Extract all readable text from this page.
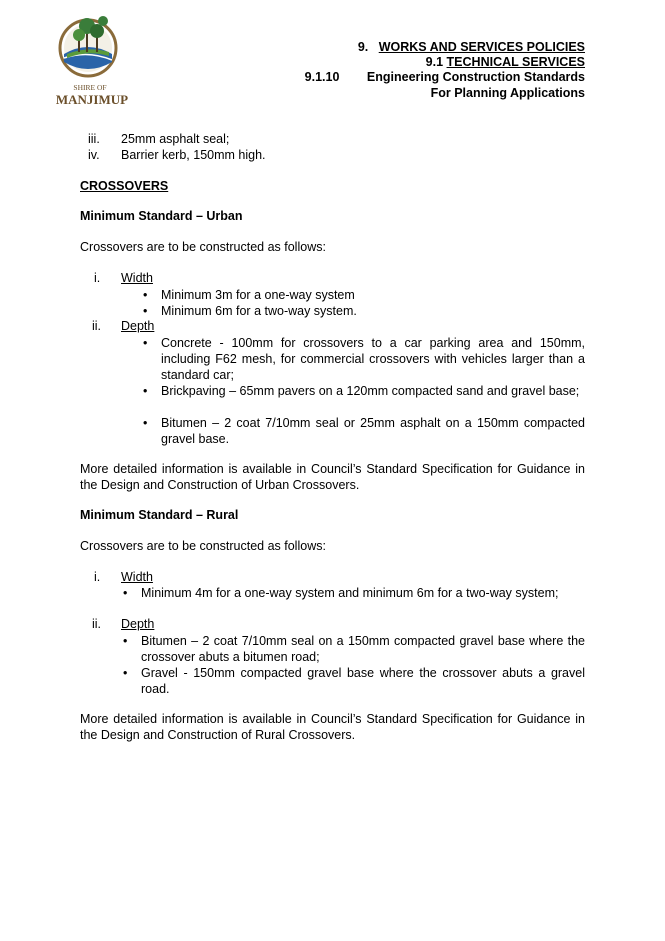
SHIRE OF
MANJIMUP
9. WORKS AND SERVICES POLICIES
9.1 TECHNICAL SERVICES
9.1.10 Engineering Construction Standards
For Planning Applications
iii.	25mm asphalt seal;
iv.	Barrier kerb, 150mm high.
CROSSOVERS
Minimum Standard – Urban
Crossovers are to be constructed as follows:
i.	Width
• Minimum 3m for a one-way system
• Minimum 6m for a two-way system.
ii.	Depth
• Concrete - 100mm for crossovers to a car parking area and 150mm, including F62 mesh, for commercial crossovers with vehicles larger than a standard car;
• Brickpaving – 65mm pavers on a 120mm compacted sand and gravel base;
• Bitumen – 2 coat 7/10mm seal or 25mm asphalt on a 150mm compacted gravel base.
More detailed information is available in Council’s Standard Specification for Guidance in the Design and Construction of Urban Crossovers.
Minimum Standard – Rural
Crossovers are to be constructed as follows:
i.	Width
• Minimum 4m for a one-way system and minimum 6m for a two-way system;
ii.	Depth
• Bitumen – 2 coat 7/10mm seal on a 150mm compacted gravel base where the crossover abuts a bitumen road;
• Gravel - 150mm compacted gravel base where the crossover abuts a gravel road.
More detailed information is available in Council’s Standard Specification for Guidance in the Design and Construction of Rural Crossovers.
